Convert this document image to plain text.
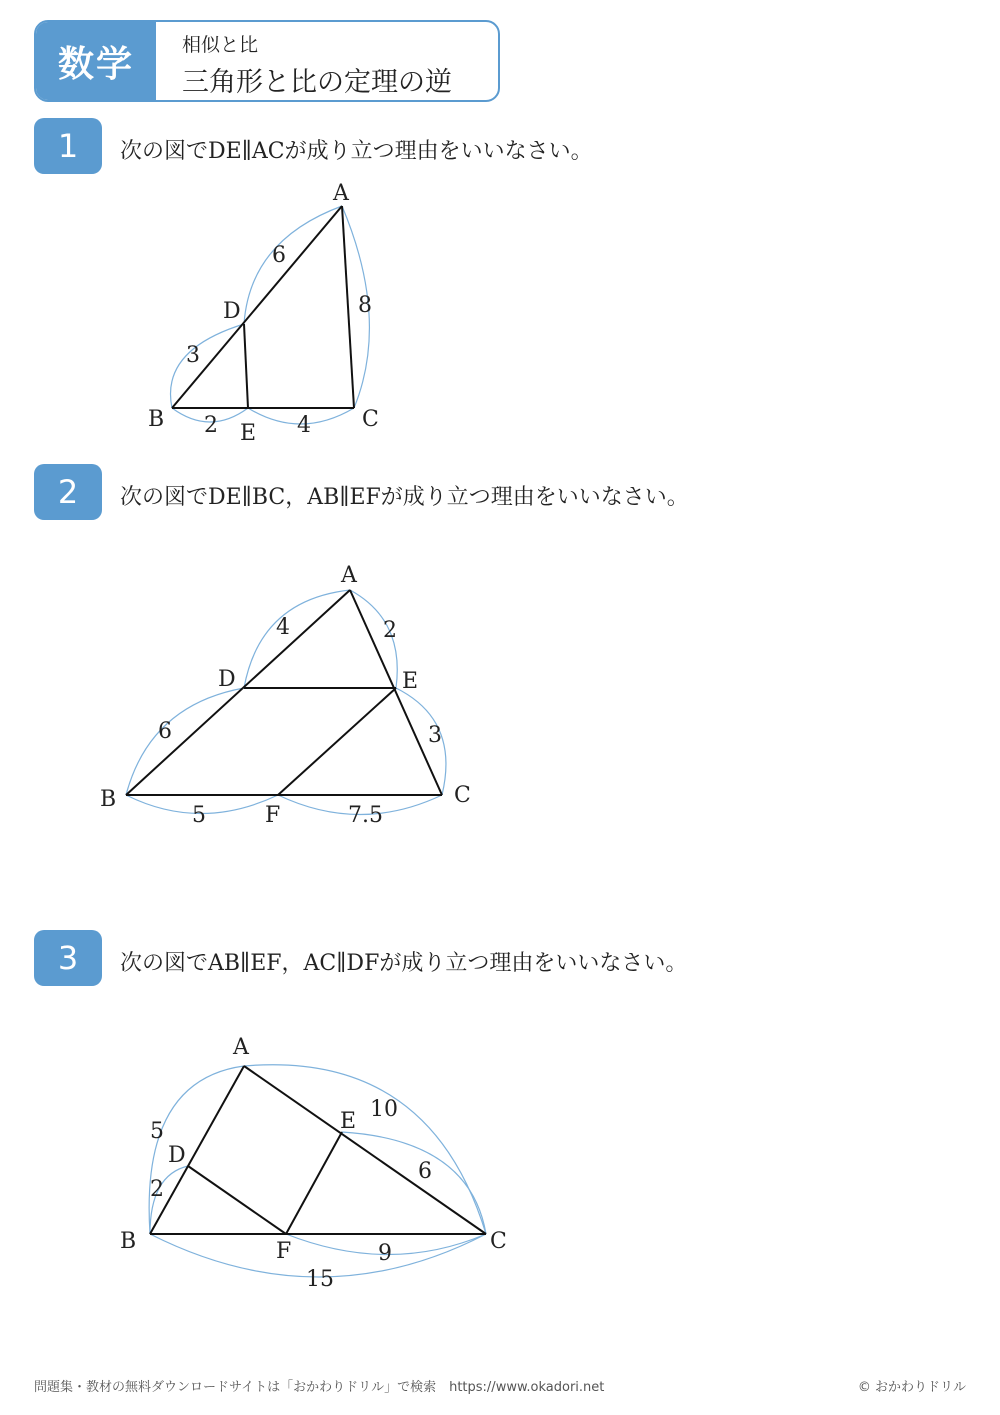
数学	相似と比
三角形と比の定理の逆
1	次の図でDE∥ACが成り立つ理由をいいなさい。
A
B	C
D
E
6
3
8
2	4
2	次の図でDE∥BC，AB∥EFが成り立つ理由をいいなさい。
A
B	C
D	E
F
4
6
2
3
5	7.5
3	次の図でAB∥EF，AC∥DFが成り立つ理由をいいなさい。
A
B	C
D
E
F
5
2
10
6
9
15
問題集・教材の無料ダウンロードサイトは「おかわりドリル」で検索　https://www.okadori.net	© おかわりドリル
